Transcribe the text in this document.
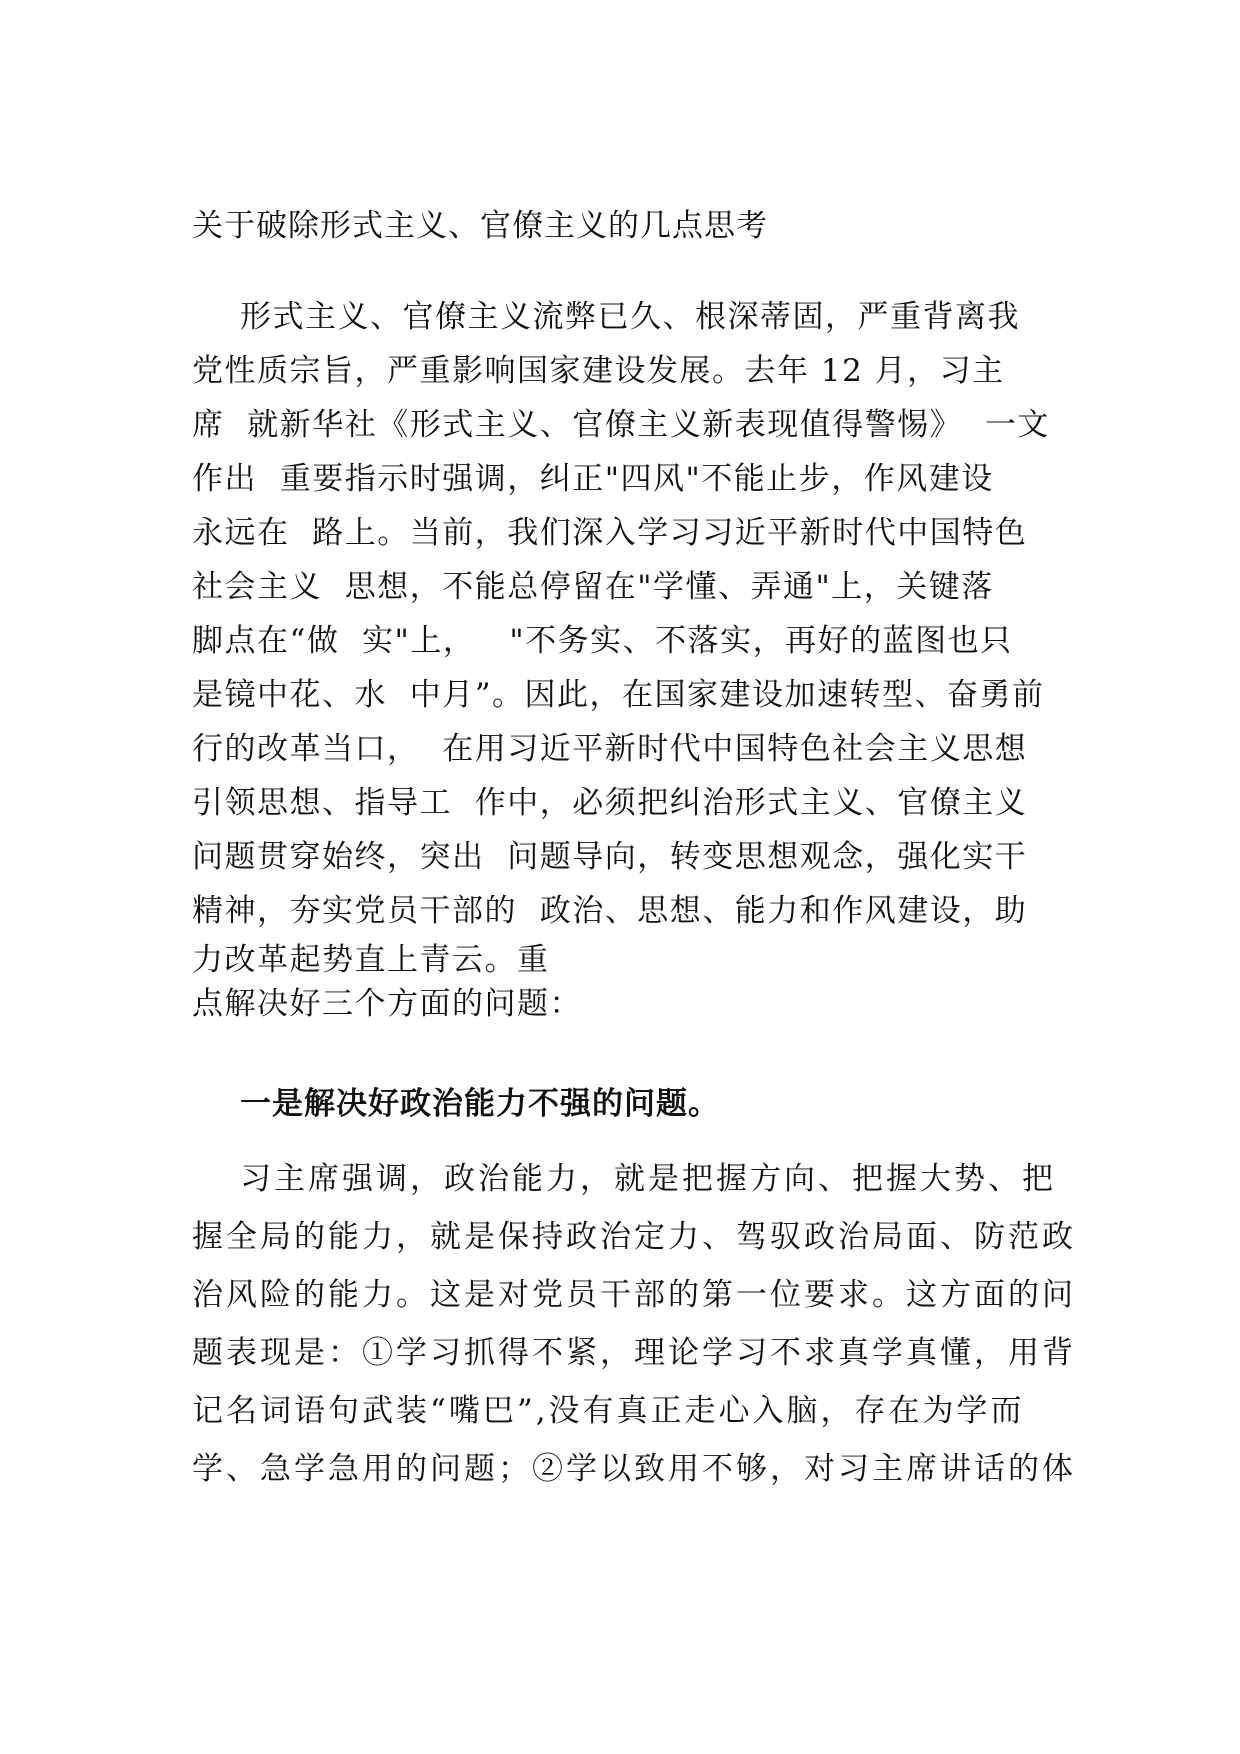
关于破除形式主义、官僚主义的几点思考
形式主义、官僚主义流弊已久、根深蒂固，严重背离我
党性质宗旨，严重影响国家建设发展。去年 12 月，习主
席  就新华社《形式主义、官僚主义新表现值得警惕》  一文
作出  重要指示时强调，纠正"四风"不能止步，作风建设
永远在  路上。当前，我们深入学习习近平新时代中国特色
社会主义  思想，不能总停留在"学懂、弄通"上，关键落
脚点在“做  实"上，   "不务实、不落实，再好的蓝图也只
是镜中花、水  中月”。因此，在国家建设加速转型、奋勇前
行的改革当口，  在用习近平新时代中国特色社会主义思想
引领思想、指导工  作中，必须把纠治形式主义、官僚主义
问题贯穿始终，突出  问题导向，转变思想观念，强化实干
精神，夯实党员干部的  政治、思想、能力和作风建设，助
力改革起势直上青云。重
点解决好三个方面的问题：
一是解决好政治能力不强的问题。
习主席强调，政治能力，就是把握方向、把握大势、把
握全局的能力，就是保持政治定力、驾驭政治局面、防范政
治风险的能力。这是对党员干部的第一位要求。这方面的问
题表现是：①学习抓得不紧，理论学习不求真学真懂，用背
记名词语句武装“嘴巴”,没有真正走心入脑，存在为学而
学、急学急用的问题；②学以致用不够，对习主席讲话的体
